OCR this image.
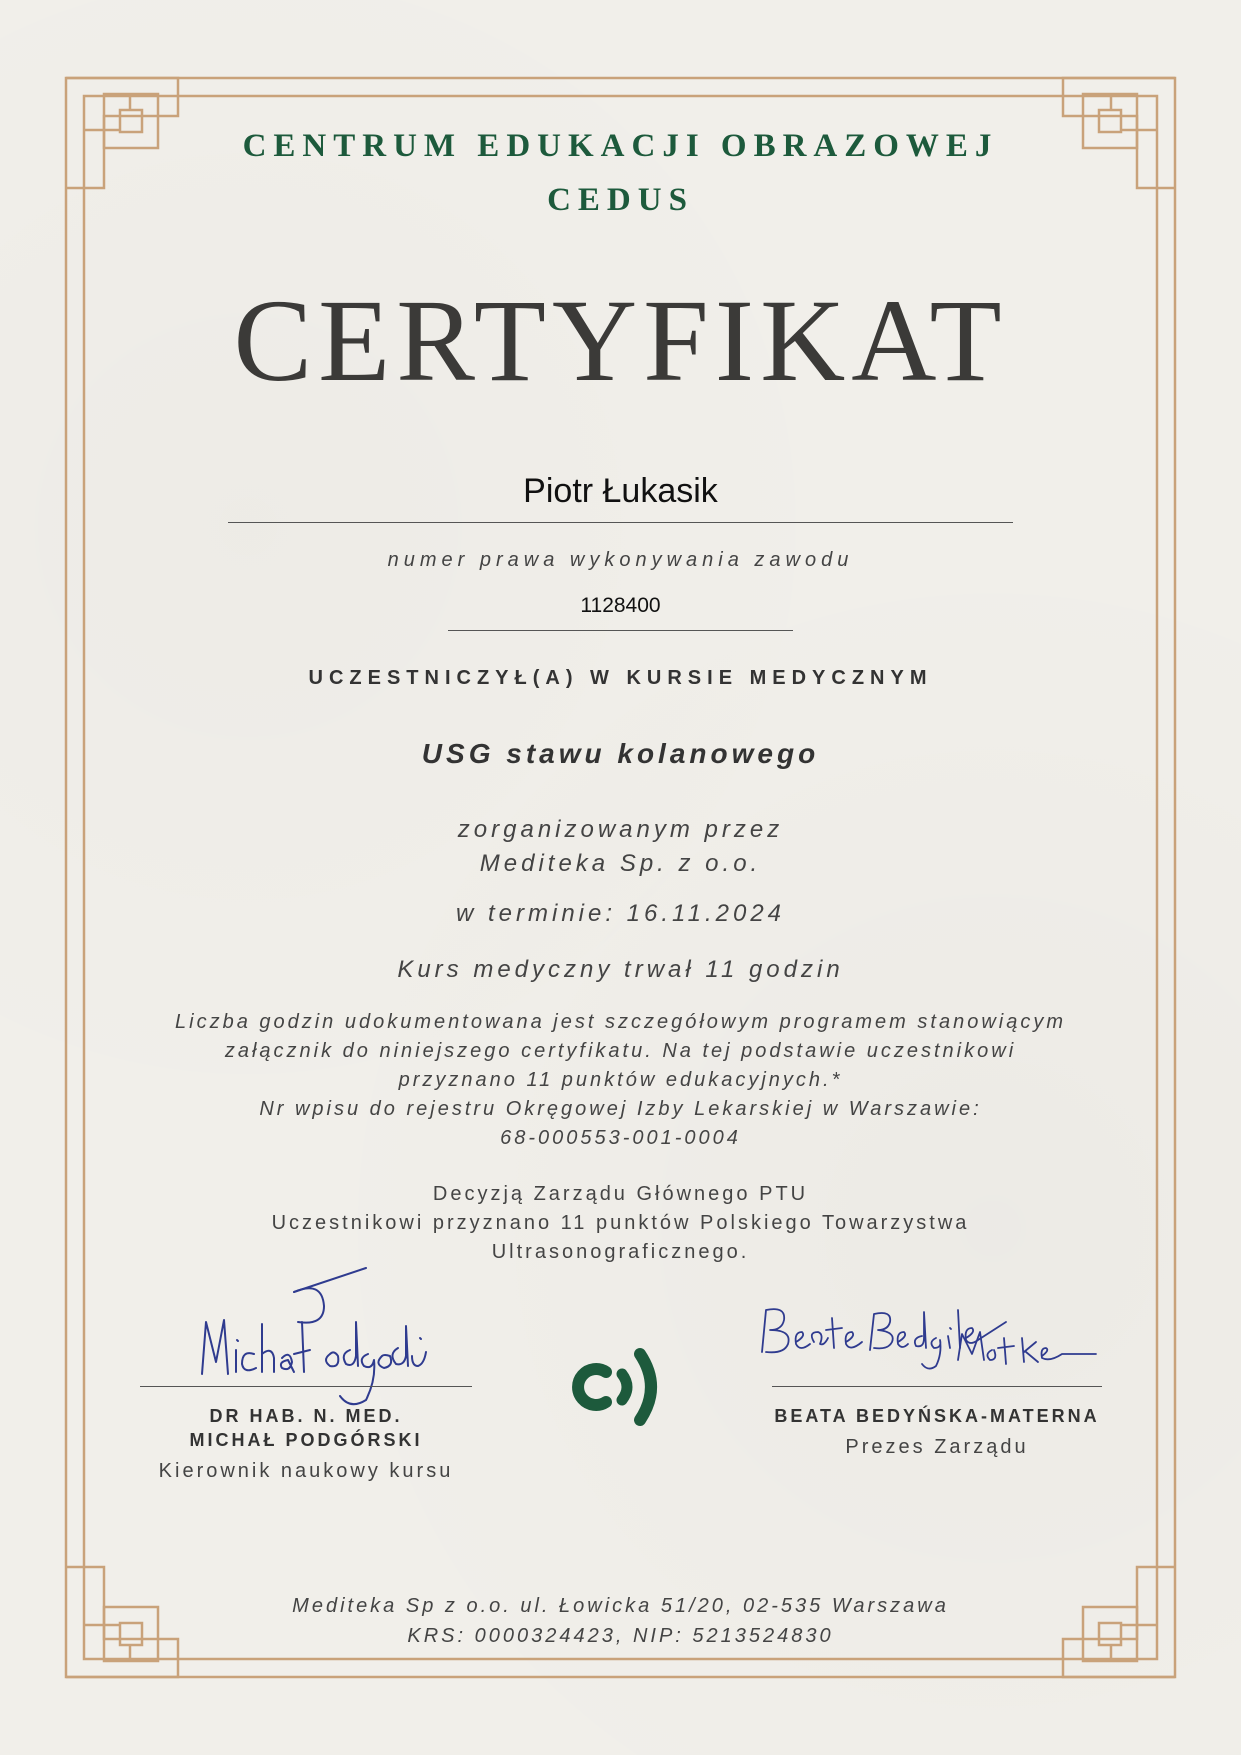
CENTRUM EDUKACJI OBRAZOWEJ
CEDUS
CERTYFIKAT
Piotr Łukasik
numer prawa wykonywania zawodu
1128400
UCZESTNICZYŁ(A) W KURSIE MEDYCZNYM
USG stawu kolanowego
zorganizowanym przez
Mediteka Sp. z o.o.
w terminie: 16.11.2024
Kurs medyczny trwał 11 godzin
Liczba godzin udokumentowana jest szczegółowym programem stanowiącym
załącznik do niniejszego certyfikatu. Na tej podstawie uczestnikowi
przyznano 11 punktów edukacyjnych.*
Nr wpisu do rejestru Okręgowej Izby Lekarskiej w Warszawie:
68-000553-001-0004
Decyzją Zarządu Głównego PTU
Uczestnikowi przyznano 11 punktów Polskiego Towarzystwa
Ultrasonograficznego.
DR HAB. N. MED.
MICHAŁ PODGÓRSKI
Kierownik naukowy kursu
BEATA BEDYŃSKA-MATERNA
Prezes Zarządu
Mediteka Sp z o.o. ul. Łowicka 51/20, 02-535 Warszawa
KRS: 0000324423, NIP: 5213524830
